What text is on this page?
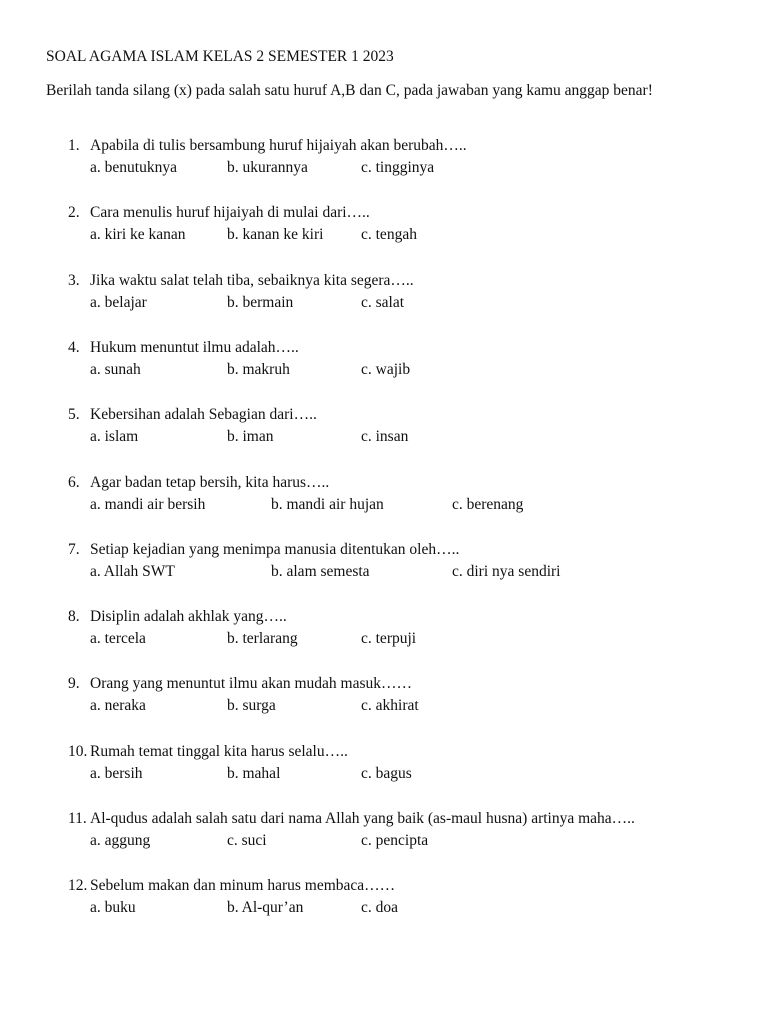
SOAL AGAMA ISLAM KELAS 2 SEMESTER 1 2023
Berilah tanda silang (x) pada salah satu huruf A,B dan C, pada jawaban yang kamu anggap benar!
1. Apabila di tulis bersambung huruf hijaiyah akan berubah…..
a. benutuknya	b. ukurannya	c. tingginya
2. Cara menulis huruf hijaiyah di mulai dari…..
a. kiri ke kanan	b. kanan ke kiri c. tengah
3. Jika waktu salat telah tiba, sebaiknya kita segera…..
a. belajar	b. bermain	c. salat
4. Hukum menuntut ilmu adalah…..
a. sunah	b. makruh	c. wajib
5. Kebersihan adalah Sebagian dari…..
a. islam	b. iman	c. insan
6. Agar badan tetap bersih, kita harus…..
a. mandi air bersih	b. mandi air hujan	c. berenang
7. Setiap kejadian yang menimpa manusia ditentukan oleh…..
a. Allah SWT	b. alam semesta	c. diri nya sendiri
8. Disiplin adalah akhlak yang…..
a. tercela	b. terlarang	c. terpuji
9. Orang yang menuntut ilmu akan mudah masuk……
a. neraka	b. surga	c. akhirat
10. Rumah temat tinggal kita harus selalu…..
a. bersih	b. mahal	c. bagus
11. Al-qudus adalah salah satu dari nama Allah yang baik (as-maul husna) artinya maha…..
a. aggung	c. suci	c. pencipta
12. Sebelum makan dan minum harus membaca……
a. buku	b. Al-qur’an	c. doa
